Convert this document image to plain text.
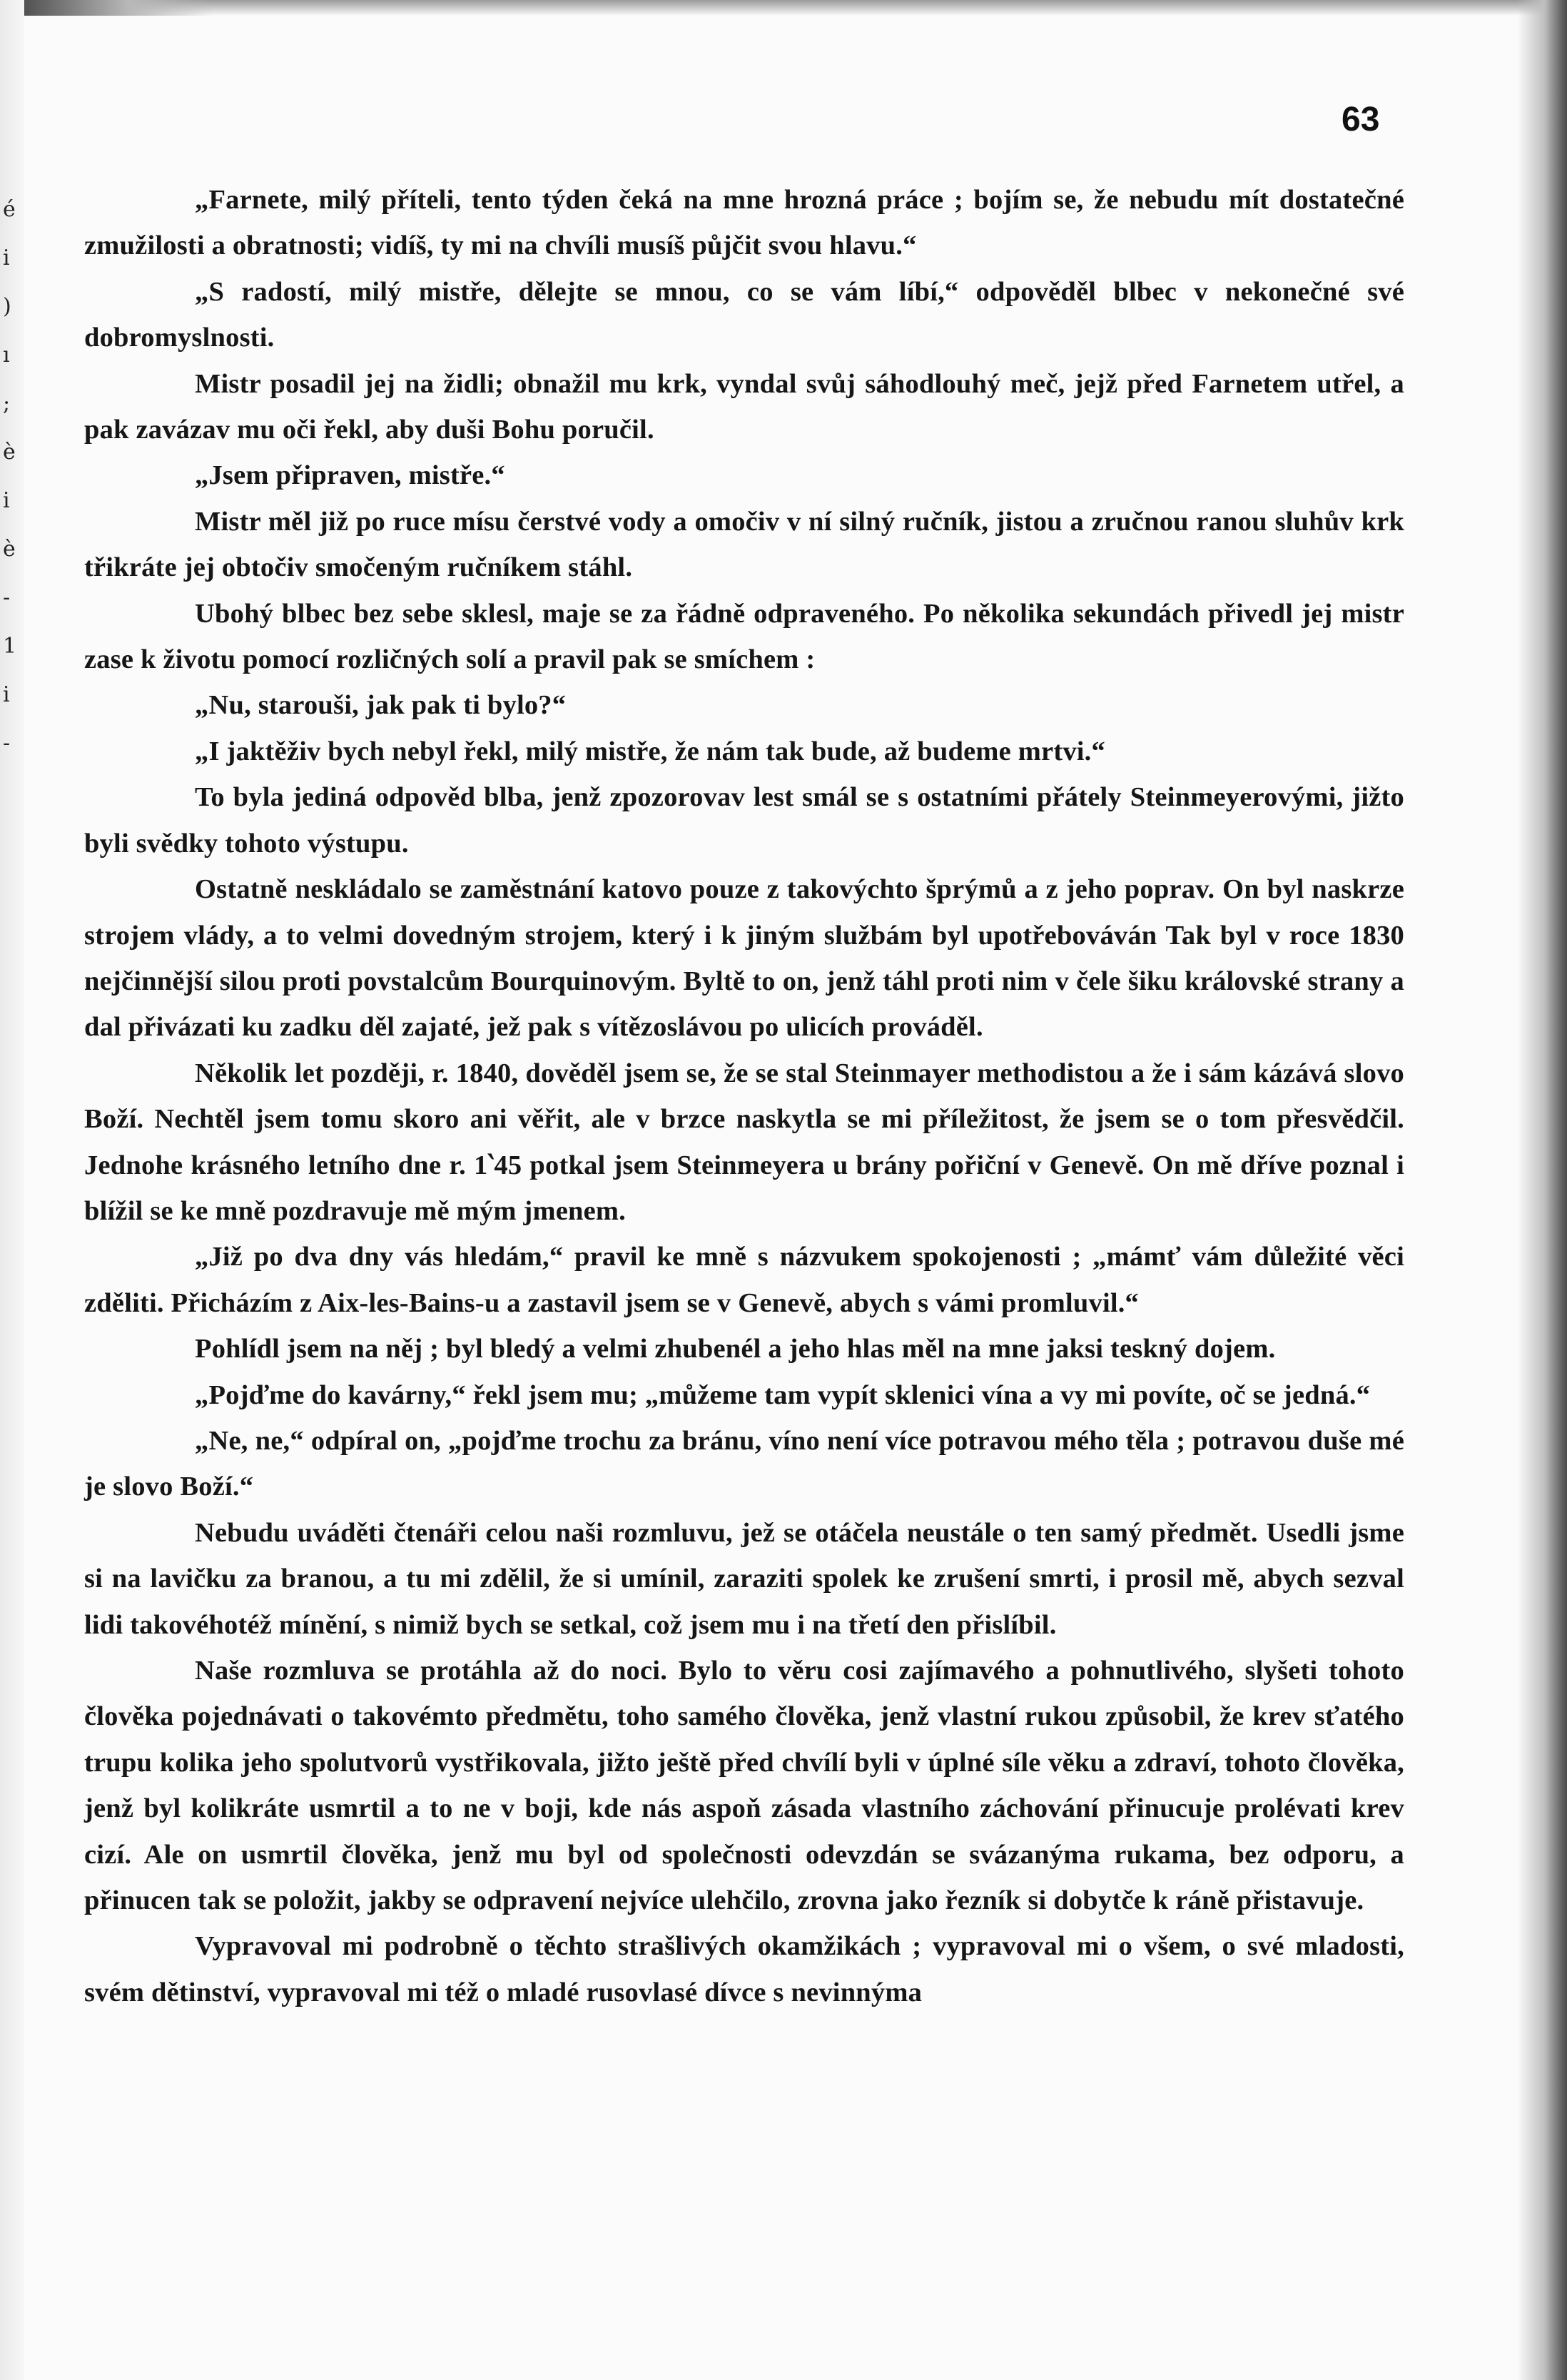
é
i
)
ı
;
è
i
è
-
1
i
-
63

„Farnete, milý příteli, tento týden čeká na mne hrozná práce ; bojím se, že nebudu mít dostatečné zmužilosti a obratnosti; vidíš, ty mi na chvíli musíš půjčit svou hlavu.“

„S radostí, milý mistře, dělejte se mnou, co se vám líbí,“ odpověděl blbec v nekonečné své dobromyslnosti.

Mistr posadil jej na židli; obnažil mu krk, vyndal svůj sáhodlouhý meč, jejž před Farnetem utřel, a pak zavázav mu oči řekl, aby duši Bohu poručil.

„Jsem připraven, mistře.“

Mistr měl již po ruce mísu čerstvé vody a omočiv v ní silný ručník, jistou a zručnou ranou sluhův krk třikráte jej obtočiv smočeným ručníkem stáhl.

Ubohý blbec bez sebe sklesl, maje se za řádně odpraveného. Po několika sekundách přivedl jej mistr zase k životu pomocí rozličných solí a pravil pak se smíchem :

„Nu, starouši, jak pak ti bylo?“

„I jaktěživ bych nebyl řekl, milý mistře, že nám tak bude, až budeme mrtvi.“

To byla jediná odpověd blba, jenž zpozorovav lest smál se s ostatními přátely Steinmeyerovými, jižto byli svědky tohoto výstupu.

Ostatně neskládalo se zaměstnání katovo pouze z takovýchto šprýmů a z jeho poprav. On byl naskrze strojem vlády, a to velmi dovedným strojem, který i k jiným službám byl upotřebováván Tak byl v roce 1830 nejčinnější silou proti povstalcům Bourquinovým. Byltě to on, jenž táhl proti nim v čele šiku královské strany a dal přivázati ku zadku děl zajaté, jež pak s vítězoslávou po ulicích prováděl.

Několik let později, r. 1840, dověděl jsem se, že se stal Steinmayer methodistou a že i sám kázává slovo Boží. Nechtěl jsem tomu skoro ani věřit, ale v brzce naskytla se mi příležitost, že jsem se o tom přesvědčil. Jednohe krásného letního dne r. 1‵45 potkal jsem Steinmeyera u brány pořiční v Genevě. On mě dříve poznal i blížil se ke mně pozdravuje mě mým jmenem.

„Již po dva dny vás hledám,“ pravil ke mně s názvukem spokojenosti ; „mámť vám důležité věci zděliti. Přicházím z Aix-les-Bains-u a zastavil jsem se v Genevě, abych s vámi promluvil.“

Pohlídl jsem na něj ; byl bledý a velmi zhubenél a jeho hlas měl na mne jaksi teskný dojem.

„Pojďme do kavárny,“ řekl jsem mu; „můžeme tam vypít sklenici vína a vy mi povíte, oč se jedná.“

„Ne, ne,“ odpíral on, „pojďme trochu za bránu, víno není více potravou mého těla ; potravou duše mé je slovo Boží.“

Nebudu uváděti čtenáři celou naši rozmluvu, jež se otáčela neustále o ten samý předmět. Usedli jsme si na lavičku za branou, a tu mi zdělil, že si umínil, zaraziti spolek ke zrušení smrti, i prosil mě, abych sezval lidi takovéhotéž mínění, s nimiž bych se setkal, což jsem mu i na třetí den přislíbil.

Naše rozmluva se protáhla až do noci. Bylo to věru cosi zajímavého a pohnutlivého, slyšeti tohoto člověka pojednávati o takovémto předmětu, toho samého člověka, jenž vlastní rukou způsobil, že krev sťatého trupu kolika jeho spolutvorů vystřikovala, jižto ještě před chvílí byli v úplné síle věku a zdraví, tohoto člověka, jenž byl kolikráte usmrtil a to ne v boji, kde nás aspoň zásada vlastního záchování přinucuje prolévati krev cizí. Ale on usmrtil člověka, jenž mu byl od společnosti odevzdán se svázanýma rukama, bez odporu, a přinucen tak se položit, jakby se odpravení nejvíce ulehčilo, zrovna jako řezník si dobytče k ráně přistavuje.

Vypravoval mi podrobně o těchto strašlivých okamžikách ; vypravoval mi o všem, o své mladosti, svém dětinství, vypravoval mi též o mladé rusovlasé dívce s nevinnýma
